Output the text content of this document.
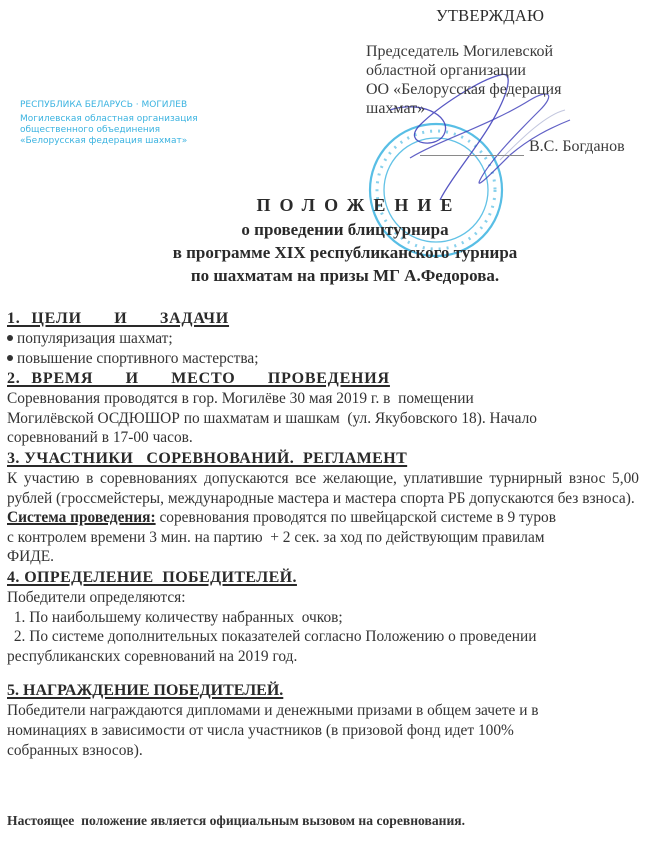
РЕСПУБЛИКА БЕЛАРУСЬ · МОГИЛЕВ
Могилевская областная организация общественного объединения «Белорусская федерация шахмат»
УТВЕРЖДАЮ
Председатель Могилевской
областной организации
ОО «Белорусская федерация
шахмат»
В.С. Богданов
ПОЛОЖЕНИЕ
о проведении блицтурнира
в программе XIX республиканского турнира
по шахматам на призы МГ А.Федорова.
1. ЦЕЛИ   И   ЗАДАЧИ
популяризация шахмат;
повышение спортивного мастерства;
2. ВРЕМЯ   И   МЕСТО   ПРОВЕДЕНИЯ
Соревнования проводятся в гор. Могилёве 30 мая 2019 г. в  помещении
Могилёвской ОСДЮШОР по шахматам и шашкам  (ул. Якубовского 18). Начало
соревнований в 17-00 часов.
3. УЧАСТНИКИ   СОРЕВНОВАНИЙ.  РЕГЛАМЕНТ

К участию в соревнованиях допускаются все желающие, уплатившие турнирный взнос 5,00 рублей (гроссмейстеры, международные мастера и мастера спорта РБ допускаются без взноса).

Система проведения: соревнования проводятся по швейцарской системе в 9 туров
с контролем времени 3 мин. на партию  + 2 сек. за ход по действующим правилам
ФИДЕ.
4. ОПРЕДЕЛЕНИЕ  ПОБЕДИТЕЛЕЙ.
Победители определяются:
1. По наибольшему количеству набранных  очков;
2. По системе дополнительных показателей согласно Положению о проведении
республиканских соревнований на 2019 год.
5. НАГРАЖДЕНИЕ ПОБЕДИТЕЛЕЙ.
Победители награждаются дипломами и денежными призами в общем зачете и в
номинациях в зависимости от числа участников (в призовой фонд идет 100%
собранных взносов).
Настоящее  положение является официальным вызовом на соревнования.
